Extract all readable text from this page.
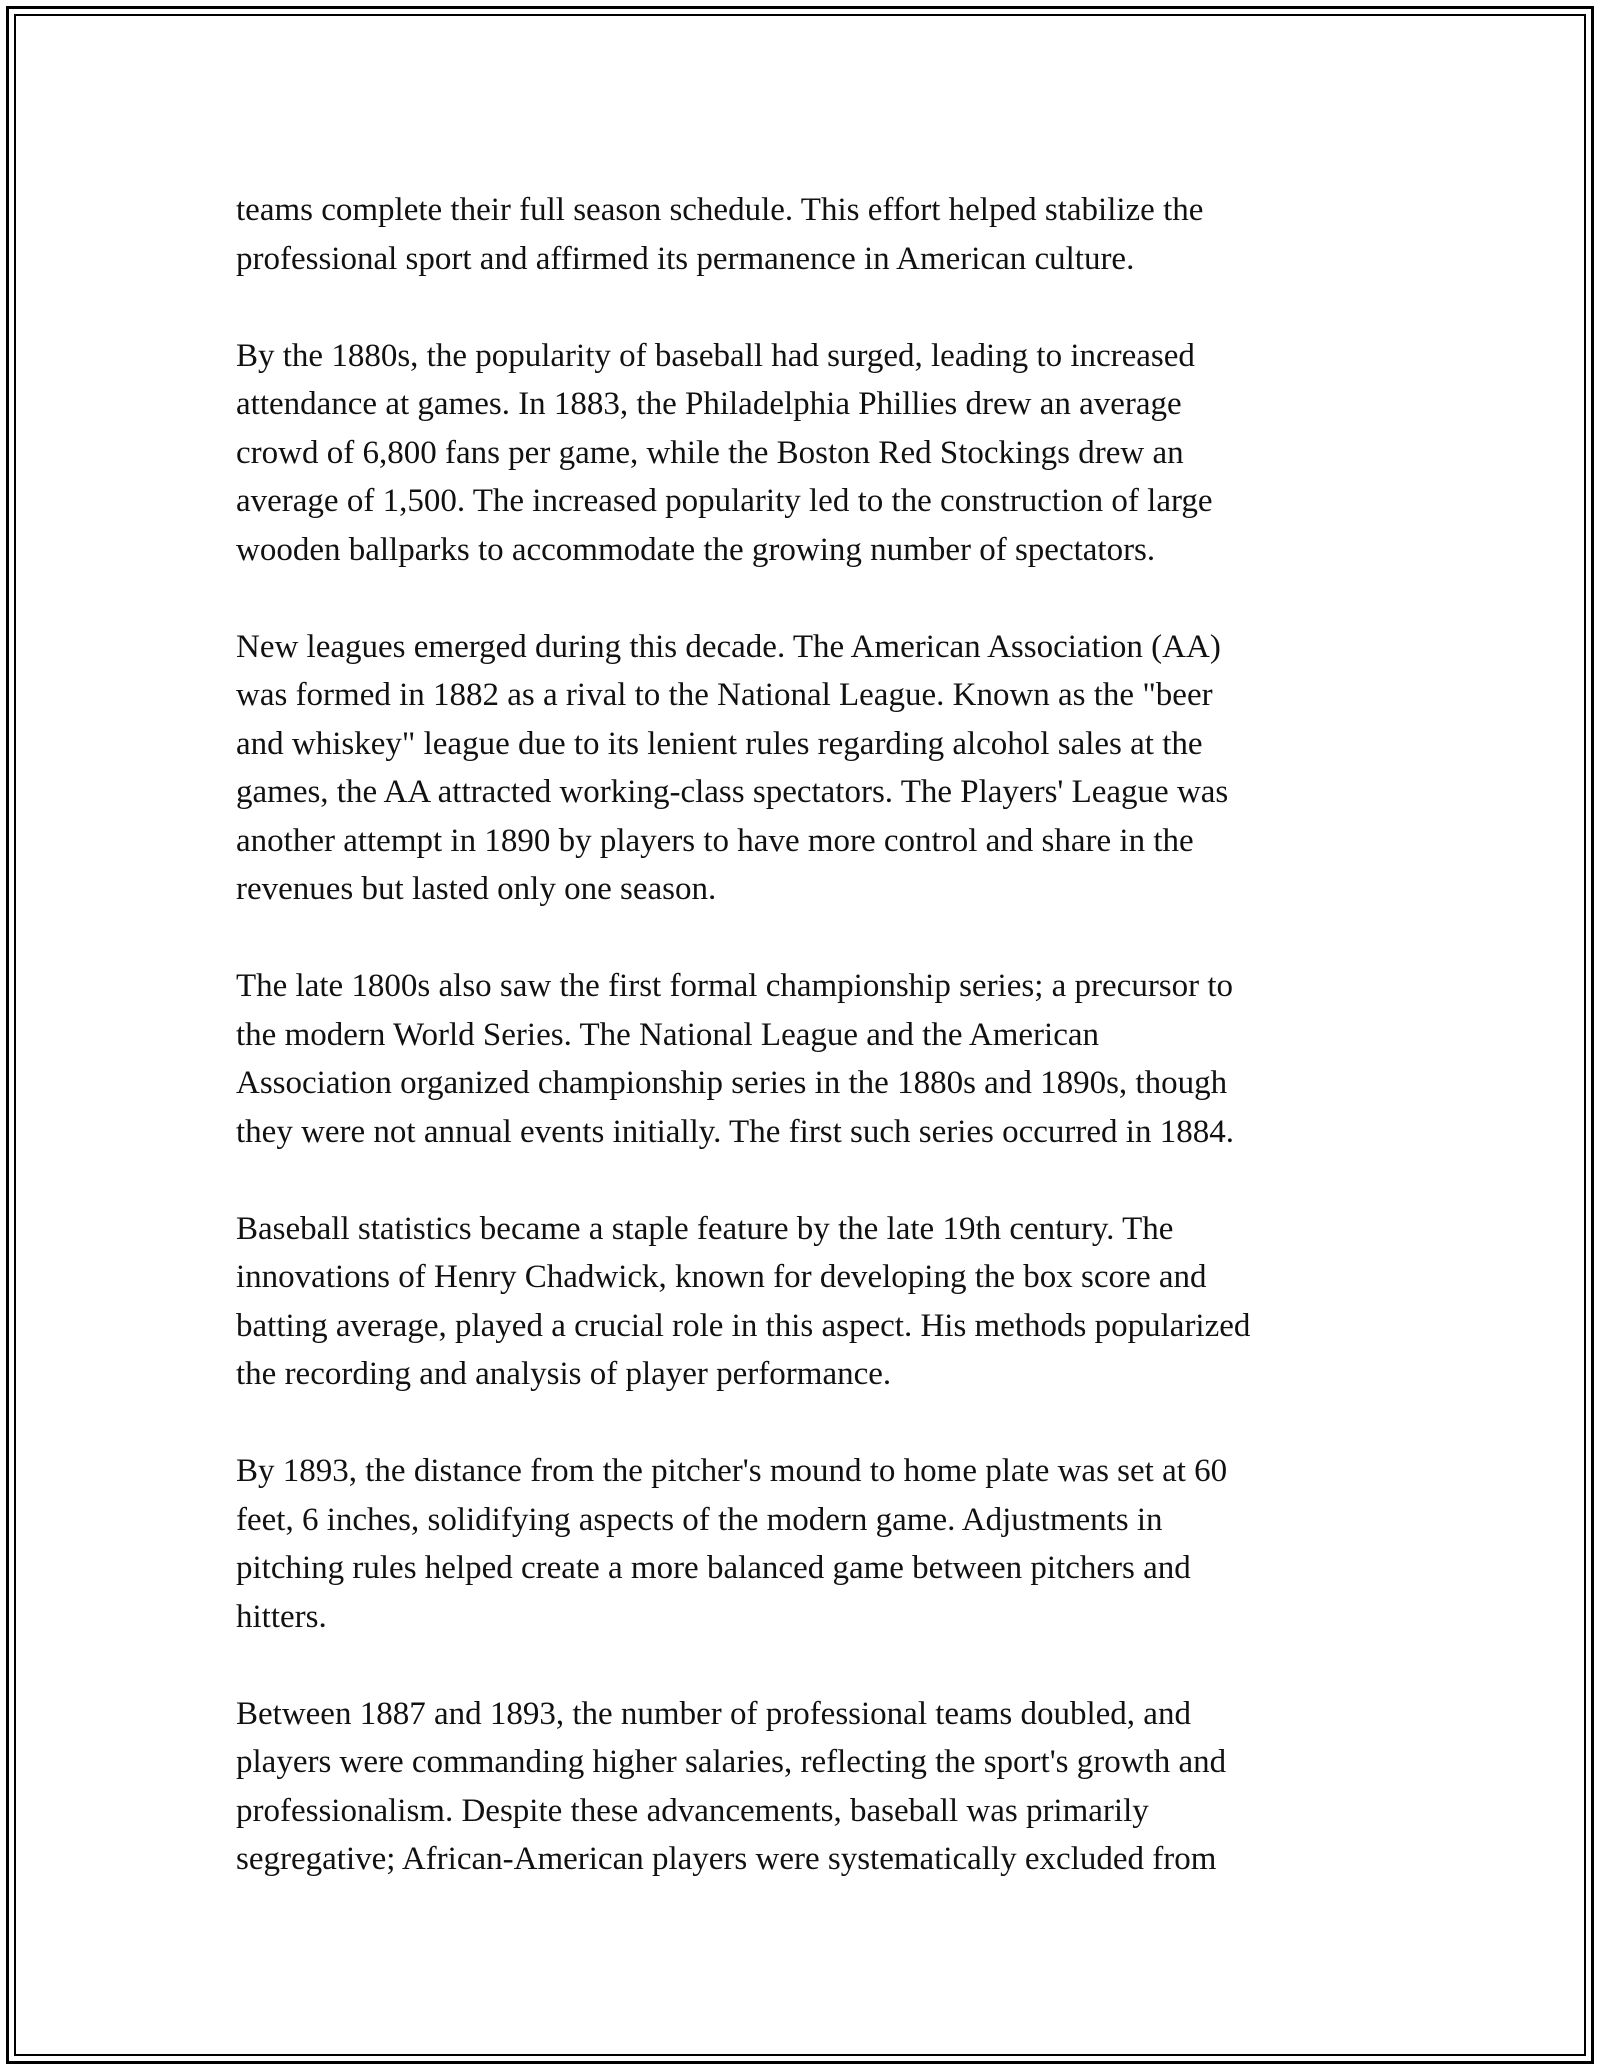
teams complete their full season schedule. This effort helped stabilize the
professional sport and affirmed its permanence in American culture.

By the 1880s, the popularity of baseball had surged, leading to increased
attendance at games. In 1883, the Philadelphia Phillies drew an average
crowd of 6,800 fans per game, while the Boston Red Stockings drew an
average of 1,500. The increased popularity led to the construction of large
wooden ballparks to accommodate the growing number of spectators.

New leagues emerged during this decade. The American Association (AA)
was formed in 1882 as a rival to the National League. Known as the "beer
and whiskey" league due to its lenient rules regarding alcohol sales at the
games, the AA attracted working-class spectators. The Players' League was
another attempt in 1890 by players to have more control and share in the
revenues but lasted only one season.

The late 1800s also saw the first formal championship series; a precursor to
the modern World Series. The National League and the American
Association organized championship series in the 1880s and 1890s, though
they were not annual events initially. The first such series occurred in 1884.

Baseball statistics became a staple feature by the late 19th century. The
innovations of Henry Chadwick, known for developing the box score and
batting average, played a crucial role in this aspect. His methods popularized
the recording and analysis of player performance.

By 1893, the distance from the pitcher's mound to home plate was set at 60
feet, 6 inches, solidifying aspects of the modern game. Adjustments in
pitching rules helped create a more balanced game between pitchers and
hitters.

Between 1887 and 1893, the number of professional teams doubled, and
players were commanding higher salaries, reflecting the sport's growth and
professionalism. Despite these advancements, baseball was primarily
segregative; African-American players were systematically excluded from
